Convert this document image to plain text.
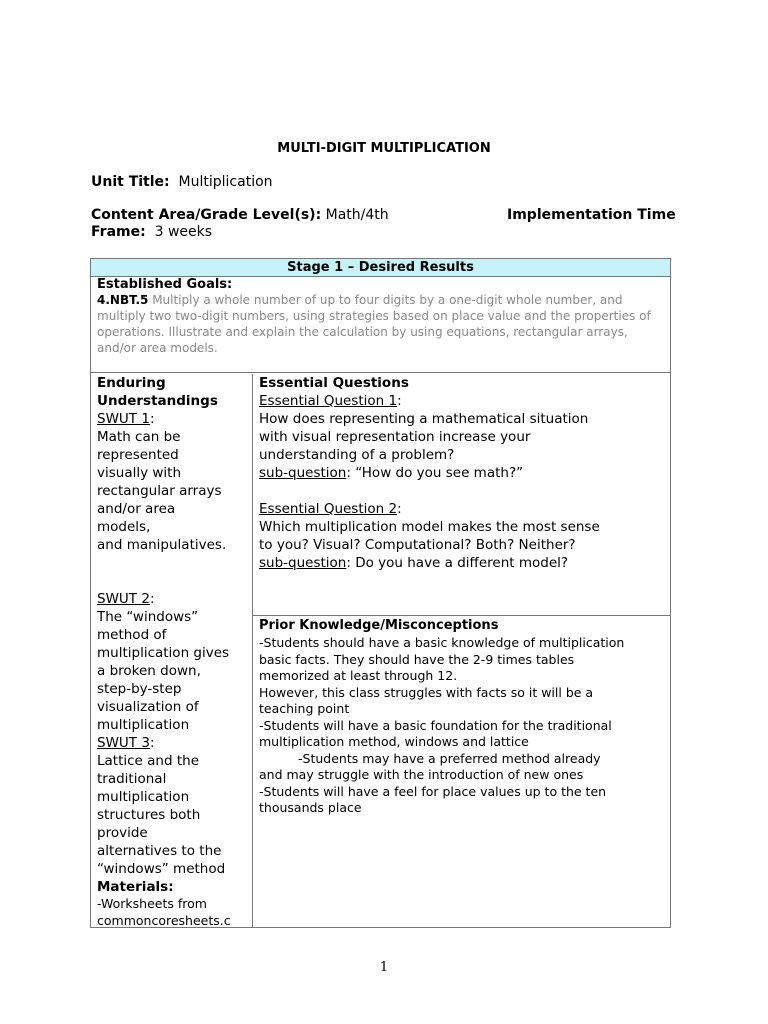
MULTI-DIGIT MULTIPLICATION
Unit Title: Multiplication
Content Area/Grade Level(s): Math/4th	Implementation Time
Frame: 3 weeks
Stage 1 – Desired Results
Established Goals:
4.NBT.5 Multiply a whole number of up to four digits by a one-digit whole number, and multiply two two-digit numbers, using strategies based on place value and the properties of operations. Illustrate and explain the calculation by using equations, rectangular arrays, and/or area models.
Enduring
Understandings
SWUT 1:
Math can be
represented
visually with
rectangular arrays
and/or area
models,
and manipulatives.
SWUT 2:
The “windows”
method of
multiplication gives
a broken down,
step-by-step
visualization of
multiplication
SWUT 3:
Lattice and the
traditional
multiplication
structures both
provide
alternatives to the
“windows” method
Materials:
-Worksheets from
commoncoresheets.c
Essential Questions
Essential Question 1:
How does representing a mathematical situation
with visual representation increase your
understanding of a problem?
sub-question: “How do you see math?”
Essential Question 2:
Which multiplication model makes the most sense
to you? Visual? Computational? Both? Neither?
sub-question: Do you have a different model?
Prior Knowledge/Misconceptions
-Students should have a basic knowledge of multiplication
basic facts. They should have the 2-9 times tables
memorized at least through 12.
However, this class struggles with facts so it will be a
teaching point
-Students will have a basic foundation for the traditional
multiplication method, windows and lattice
-Students may have a preferred method already
and may struggle with the introduction of new ones
-Students will have a feel for place values up to the ten
thousands place
1
